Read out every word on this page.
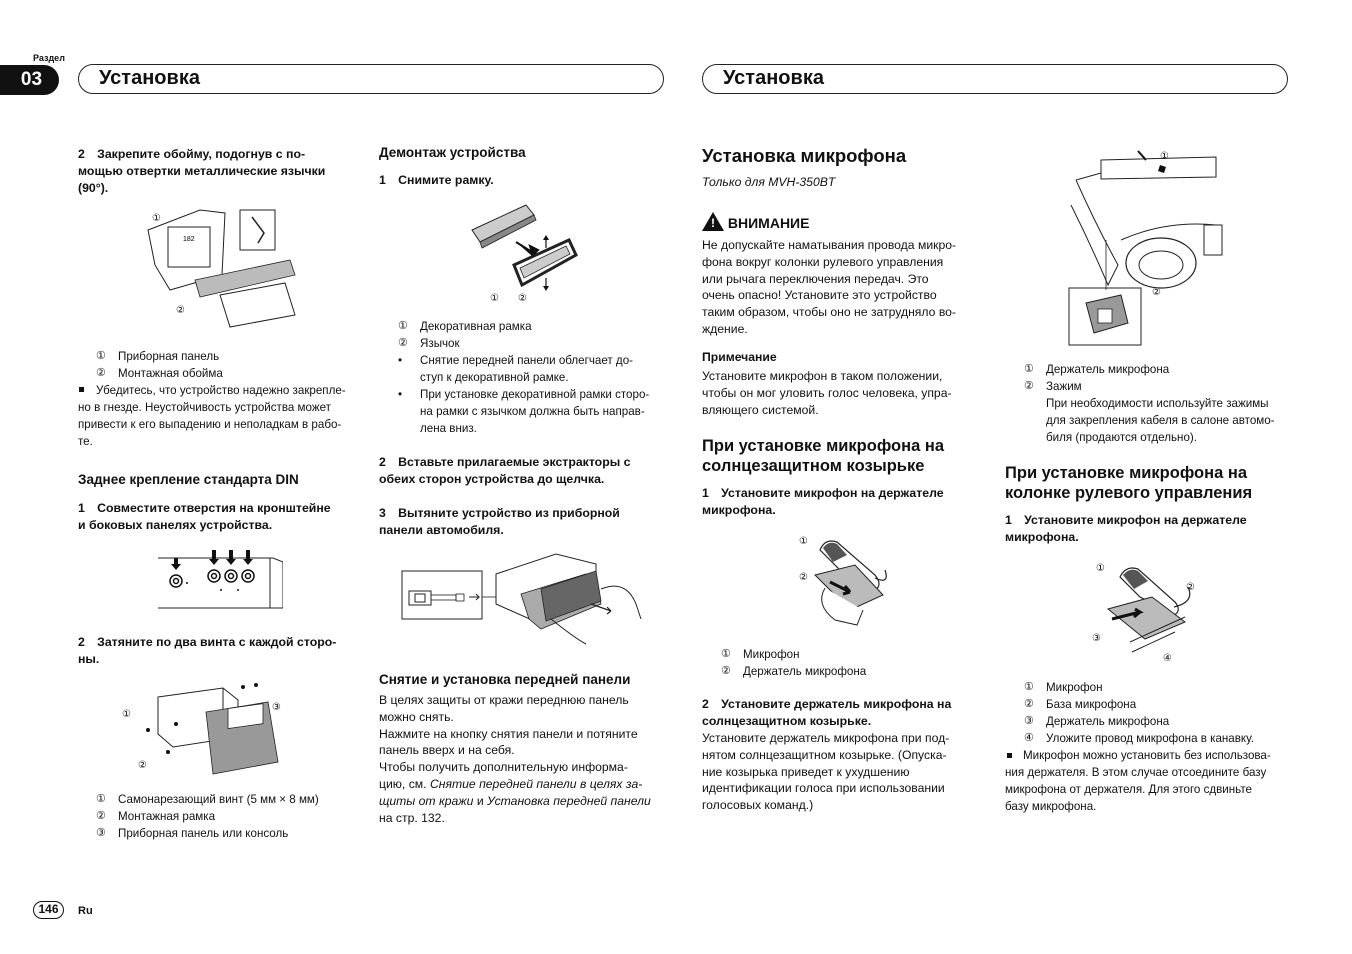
Раздел
03	Установка	Установка
2 Закрепите обойму, подогнув с по-
мощью отвертки металлические язычки
(90°).
182
①
②
①	Приборная панель
②	Монтажная обойма

Убедитесь, что устройство надежно закрепле-
но в гнезде. Неустойчивость устройства может
привести к его выпадению и неполадкам в рабо-
те.

Заднее крепление стандарта DIN
1 Совместите отверстия на кронштейне
и боковых панелях устройства.
2 Затяните по два винта с каждой сторо-
ны.
①
②
③
①	Самонарезающий винт (5 мм × 8 мм)
②	Монтажная рамка
③	Приборная панель или консоль
Демонтаж устройства
1 Снимите рамку.
① ②
①	Декоративная рамка
②	Язычок
•	Снятие передней панели облегчает до-
ступ к декоративной рамке.
•	При установке декоративной рамки сторо-
на рамки с язычком должна быть направ-
лена вниз.
2 Вставьте прилагаемые экстракторы с
обеих сторон устройства до щелчка.
3 Вытяните устройство из приборной
панели автомобиля.
Снятие и установка передней панели

В целях защиты от кражи переднюю панель
можно снять.

Нажмите на кнопку снятия панели и потяните
панель вверх и на себя.

Чтобы получить дополнительную информа-
цию, см. Снятие передней панели в целях за-
щиты от кражи и Установка передней панели
на стр. 132.

Установка микрофона
Только для MVH-350BT
! ВНИМАНИЕ
Не допускайте наматывания провода микро-
фона вокруг колонки рулевого управления
или рычага переключения передач. Это
очень опасно! Установите это устройство
таким образом, чтобы оно не затрудняло во-
ждение.
Примечание
Установите микрофон в таком положении,
чтобы он мог уловить голос человека, упра-
вляющего системой.
При установке микрофона на
солнцезащитном козырьке
1 Установите микрофон на держателе
микрофона.
①
②
①	Микрофон
②	Держатель микрофона
2 Установите держатель микрофона на
солнцезащитном козырьке.
Установите держатель микрофона при под-
нятом солнцезащитном козырьке. (Опуска-
ние козырька приведет к ухудшению
идентификации голоса при использовании
голосовых команд.)
①
②
①	Держатель микрофона
②	Зажим
При необходимости используйте зажимы
для закрепления кабеля в салоне автомо-
биля (продаются отдельно).
При установке микрофона на
колонке рулевого управления
1 Установите микрофон на держателе
микрофона.
①
②
③
④
①	Микрофон
②	База микрофона
③	Держатель микрофона
④	Уложите провод микрофона в канавку.

Микрофон можно установить без использова-
ния держателя. В этом случае отсоедините базу
микрофона от держателя. Для этого сдвиньте
базу микрофона.

146	Ru
